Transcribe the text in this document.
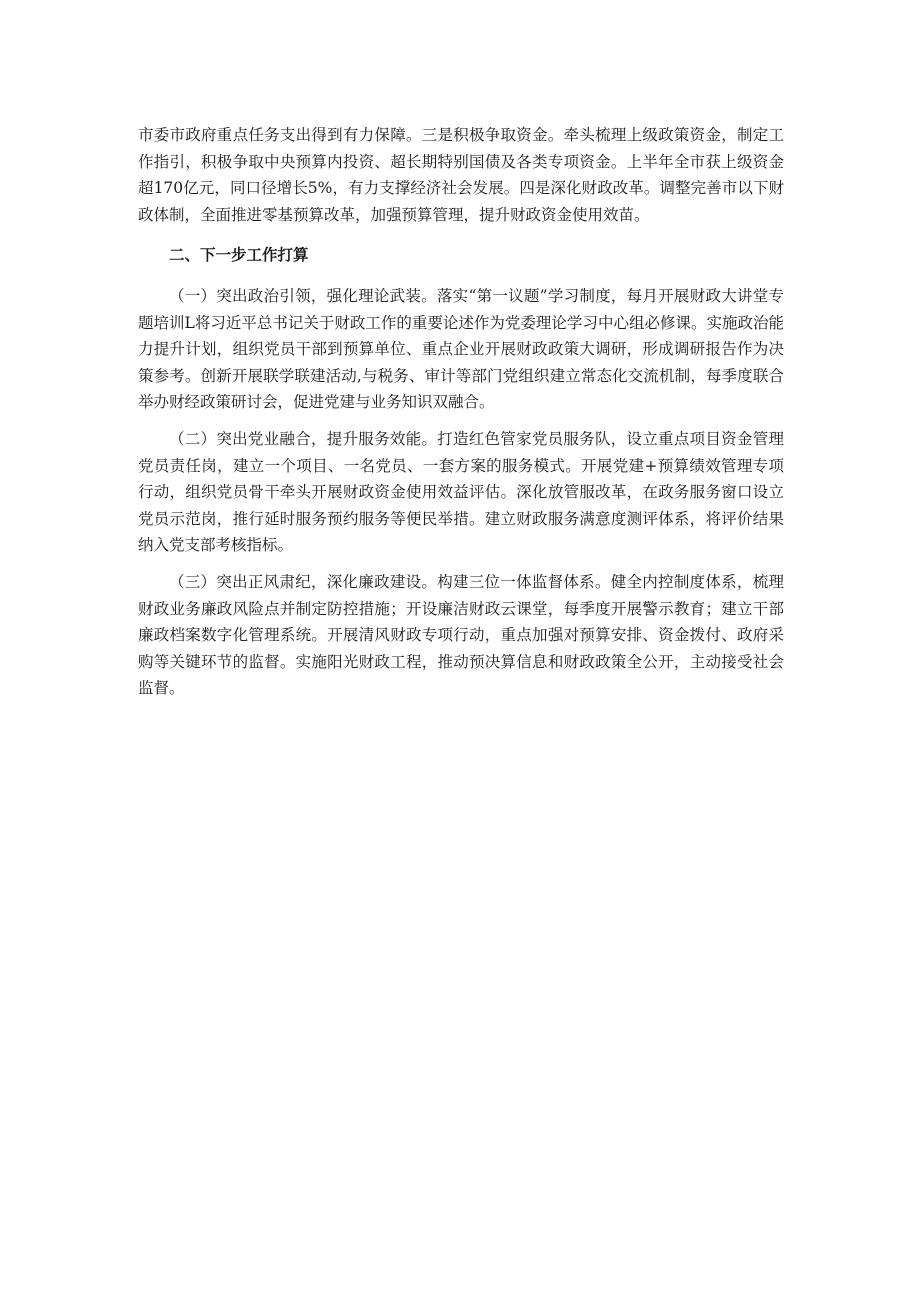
市委市政府重点任务支出得到有力保障。三是积极争取资金。牵头梳理上级政策资金，制定工作指引，积极争取中央预算内投资、超长期特别国债及各类专项资金。上半年全市获上级资金超170亿元，同口径增长5%，有力支撑经济社会发展。四是深化财政改革。调整完善市以下财政体制，全面推进零基预算改革，加强预算管理，提升财政资金使用效苗。

二、下一步工作打算

（一）突出政治引领，强化理论武装。落实“第一议题”学习制度，每月开展财政大讲堂专题培训L将习近平总书记关于财政工作的重要论述作为党委理论学习中心组必修课。实施政治能力提升计划，组织党员干部到预算单位、重点企业开展财政政策大调研，形成调研报告作为决策参考。创新开展联学联建活动,与税务、审计等部门党组织建立常态化交流机制，每季度联合举办财经政策研讨会，促进党建与业务知识双融合。

（二）突出党业融合，提升服务效能。打造红色管家党员服务队，设立重点项目资金管理党员责任岗，建立一个项目、一名党员、一套方案的服务模式。开展党建+预算绩效管理专项行动，组织党员骨干牵头开展财政资金使用效益评估。深化放管服改革，在政务服务窗口设立党员示范岗，推行延时服务预约服务等便民举措。建立财政服务满意度测评体系，将评价结果纳入党支部考核指标。

（三）突出正风肃纪，深化廉政建设。构建三位一体监督体系。健全内控制度体系，梳理财政业务廉政风险点并制定防控措施；开设廉洁财政云课堂，每季度开展警示教育；建立干部廉政档案数字化管理系统。开展清风财政专项行动，重点加强对预算安排、资金拨付、政府采购等关键环节的监督。实施阳光财政工程，推动预决算信息和财政政策全公开，主动接受社会监督。
